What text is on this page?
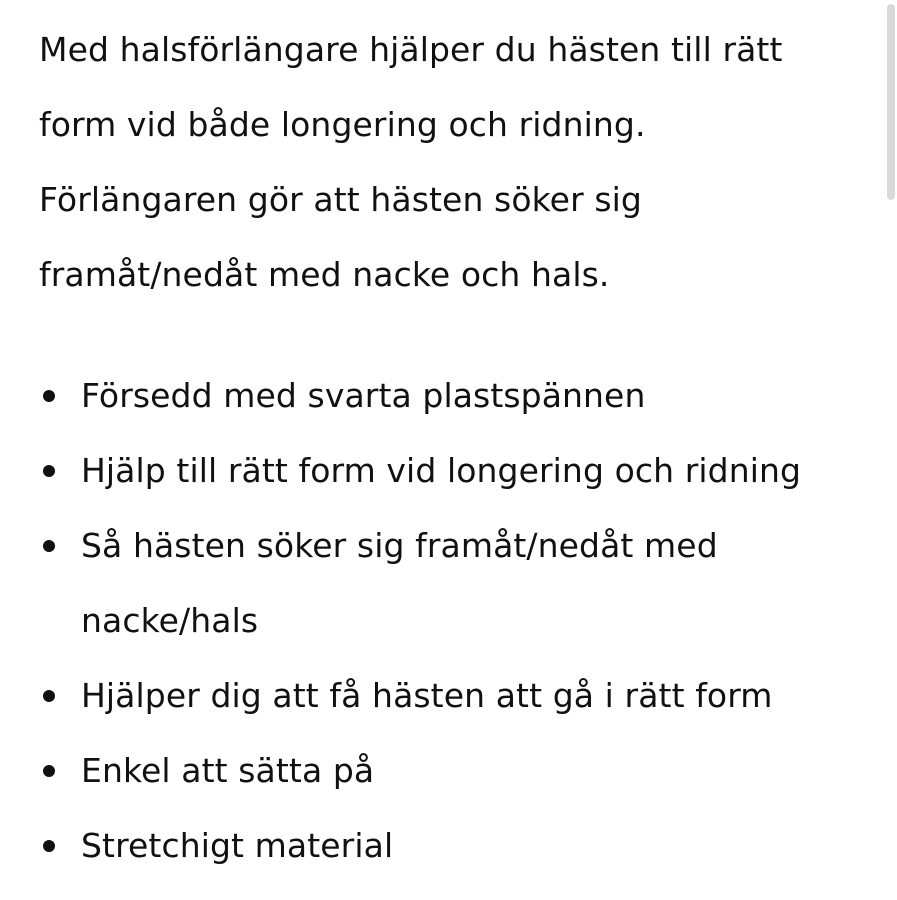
Med halsförlängare hjälper du hästen till rätt
form vid både longering och ridning.
Förlängaren gör att hästen söker sig
framåt/nedåt med nacke och hals.

Försedd med svarta plastspännen
Hjälp till rätt form vid longering och ridning
Så hästen söker sig framåt/nedåt med nacke/hals
Hjälper dig att få hästen att gå i rätt form
Enkel att sätta på
Stretchigt material
